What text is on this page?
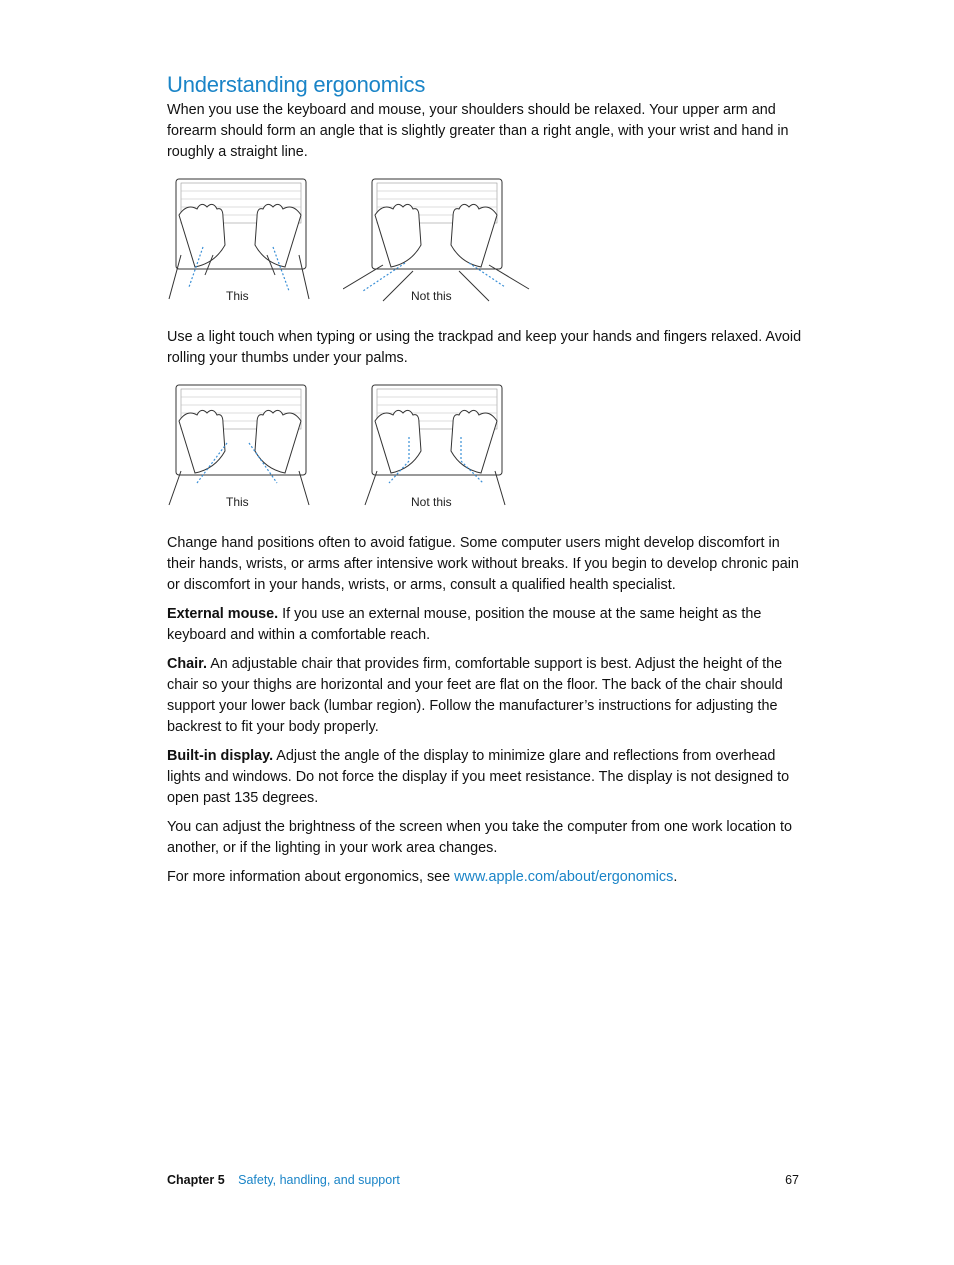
Understanding ergonomics

When you use the keyboard and mouse, your shoulders should be relaxed. Your upper arm and forearm should form an angle that is slightly greater than a right angle, with your wrist and hand in roughly a straight line.

This	Not this

Use a light touch when typing or using the trackpad and keep your hands and fingers relaxed. Avoid rolling your thumbs under your palms.

This	Not this

Change hand positions often to avoid fatigue. Some computer users might develop discomfort in their hands, wrists, or arms after intensive work without breaks. If you begin to develop chronic pain or discomfort in your hands, wrists, or arms, consult a qualified health specialist.

External mouse. If you use an external mouse, position the mouse at the same height as the keyboard and within a comfortable reach.

Chair. An adjustable chair that provides firm, comfortable support is best. Adjust the height of the chair so your thighs are horizontal and your feet are flat on the floor. The back of the chair should support your lower back (lumbar region). Follow the manufacturer’s instructions for adjusting the backrest to fit your body properly.

Built-in display. Adjust the angle of the display to minimize glare and reflections from overhead lights and windows. Do not force the display if you meet resistance. The display is not designed to open past 135 degrees.

You can adjust the brightness of the screen when you take the computer from one work location to another, or if the lighting in your work area changes.

For more information about ergonomics, see www.apple.com/about/ergonomics.

Chapter 5 Safety, handling, and support	67
